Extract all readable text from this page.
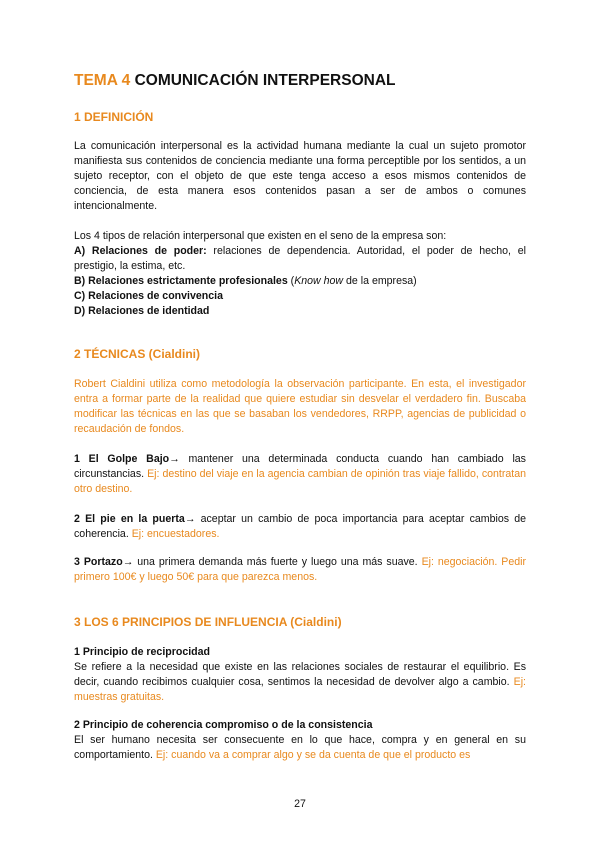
TEMA 4 COMUNICACIÓN INTERPERSONAL
1 DEFINICIÓN

La comunicación interpersonal es la actividad humana mediante la cual un sujeto promotor manifiesta sus contenidos de conciencia mediante una forma perceptible por los sentidos, a un sujeto receptor, con el objeto de que este tenga acceso a esos mismos contenidos de conciencia, de esta manera esos contenidos pasan a ser de ambos o comunes intencionalmente.

Los 4 tipos de relación interpersonal que existen en el seno de la empresa son:

A) Relaciones de poder: relaciones de dependencia. Autoridad, el poder de hecho, el prestigio, la estima, etc.

B) Relaciones estrictamente profesionales (Know how de la empresa)

C) Relaciones de convivencia

D) Relaciones de identidad

2 TÉCNICAS (Cialdini)

Robert Cialdini utiliza como metodología la observación participante. En esta, el investigador entra a formar parte de la realidad que quiere estudiar sin desvelar el verdadero fin. Buscaba modificar las técnicas en las que se basaban los vendedores, RRPP, agencias de publicidad o recaudación de fondos.

1 El Golpe Bajo→ mantener una determinada conducta cuando han cambiado las circunstancias. Ej: destino del viaje en la agencia cambian de opinión tras viaje fallido, contratan otro destino.

2 El pie en la puerta→ aceptar un cambio de poca importancia para aceptar cambios de coherencia. Ej: encuestadores.

3 Portazo→ una primera demanda más fuerte y luego una más suave. Ej: negociación. Pedir primero 100€ y luego 50€ para que parezca menos.

3 LOS 6 PRINCIPIOS DE INFLUENCIA (Cialdini)

1 Principio de reciprocidad

Se refiere a la necesidad que existe en las relaciones sociales de restaurar el equilibrio. Es decir, cuando recibimos cualquier cosa, sentimos la necesidad de devolver algo a cambio. Ej: muestras gratuitas.

2 Principio de coherencia compromiso o de la consistencia

El ser humano necesita ser consecuente en lo que hace, compra y en general en su comportamiento. Ej: cuando va a comprar algo y se da cuenta de que el producto es

27
